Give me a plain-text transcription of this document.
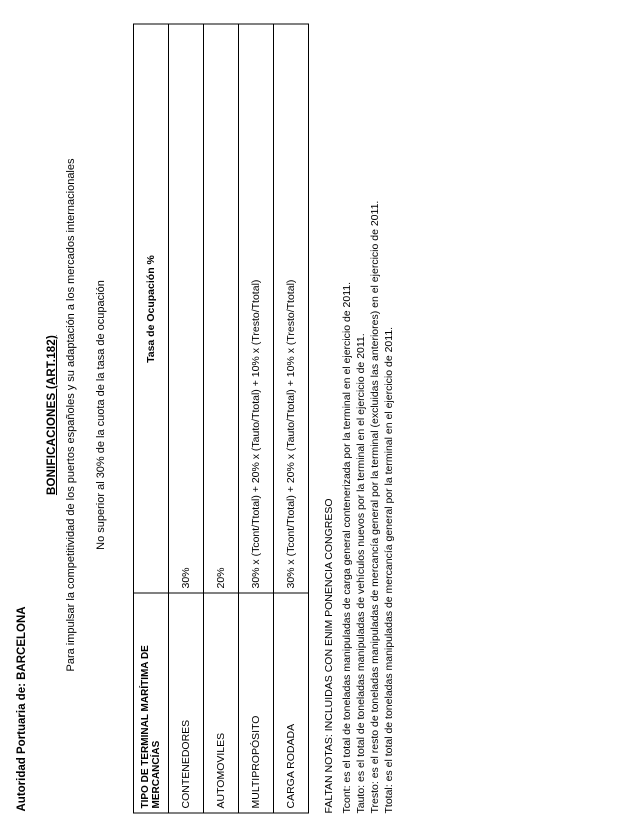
Autoridad Portuaria de: BARCELONA
BONIFICACIONES (ART.182) Para impulsar la competitividad de los puertos españoles y su adaptación a los mercados internacionales No superior al 30% de la cuota de la tasa de ocupación
TIPO DE TERMINAL MARÍTIMA DE MERCANCÍAS	Tasa de Ocupación %
CONTENEDORES	30%
AUTOMOVILES	20%
MULTIPROPÓSITO	30% x (Tcont/Ttotal) + 20% x (Tauto/Ttotal) + 10% x (Tresto/Ttotal)
CARGA RODADA	30% x (Tcont/Ttotal) + 20% x (Tauto/Ttotal) + 10% x (Tresto/Ttotal)
FALTAN NOTAS: INCLUIDAS CON ENIM PONENCIA CONGRESO Tcont: es el total de toneladas manipuladas de carga general contenerizada por la terminal en el ejercicio de 2011. Tauto: es el total de toneladas manipuladas de vehículos nuevos por la terminal en el ejercicio de 2011. Tresto: es el resto de toneladas manipuladas de mercancía general por la terminal (excluidas las anteriores) en el ejercicio de 2011. Ttotal: es el total de toneladas manipuladas de mercancía general por la terminal en el ejercicio de 2011.
